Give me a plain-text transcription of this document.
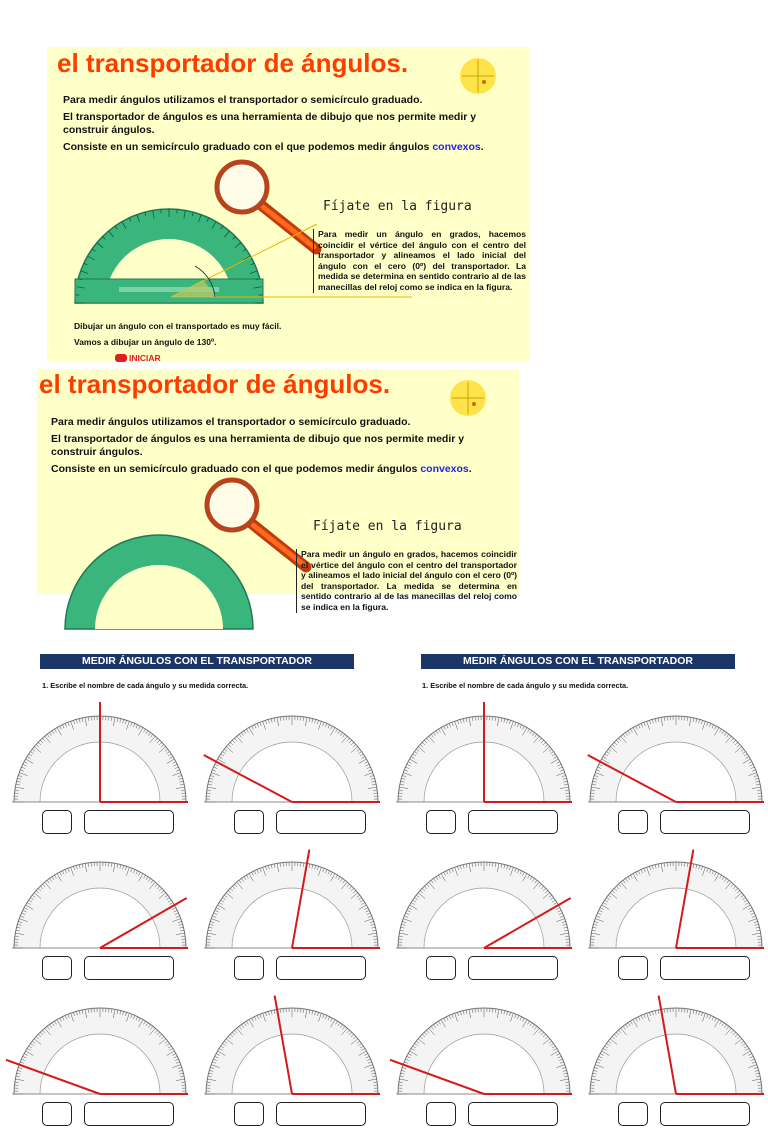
el transportador de ángulos.
Para medir ángulos utilizamos el transportador o semicírculo graduado.
El transportador de ángulos es una herramienta de dibujo que nos permite medir y construir ángulos.
Consiste en un semicírculo graduado con el que podemos medir ángulos convexos.
Fíjate en la figura
Para medir un ángulo en grados, hacemos coincidir el vértice del ángulo con el centro del transportador y alineamos el lado inicial del ángulo con el cero (0º) del transportador. La medida se determina en sentido contrario al de las manecillas del reloj como se indica en la figura.
Dibujar un ángulo con el transportado es muy fácil.
Vamos a dibujar un ángulo de 130º.
INICIAR
el transportador de ángulos.
Para medir ángulos utilizamos el transportador o semicírculo graduado.
El transportador de ángulos es una herramienta de dibujo que nos permite medir y construir ángulos.
Consiste en un semicírculo graduado con el que podemos medir ángulos convexos.
Fíjate en la figura
Para medir un ángulo en grados, hacemos coincidir el vértice del ángulo con el centro del transportador y alineamos el lado inicial del ángulo con el cero (0º) del transportador. La medida se determina en sentido contrario al de las manecillas del reloj como se indica en la figura.
MEDIR ÁNGULOS CON EL TRANSPORTADOR
1. Escribe el nombre de cada ángulo y su medida correcta.
MEDIR ÁNGULOS CON EL TRANSPORTADOR
1. Escribe el nombre de cada ángulo y su medida correcta.
